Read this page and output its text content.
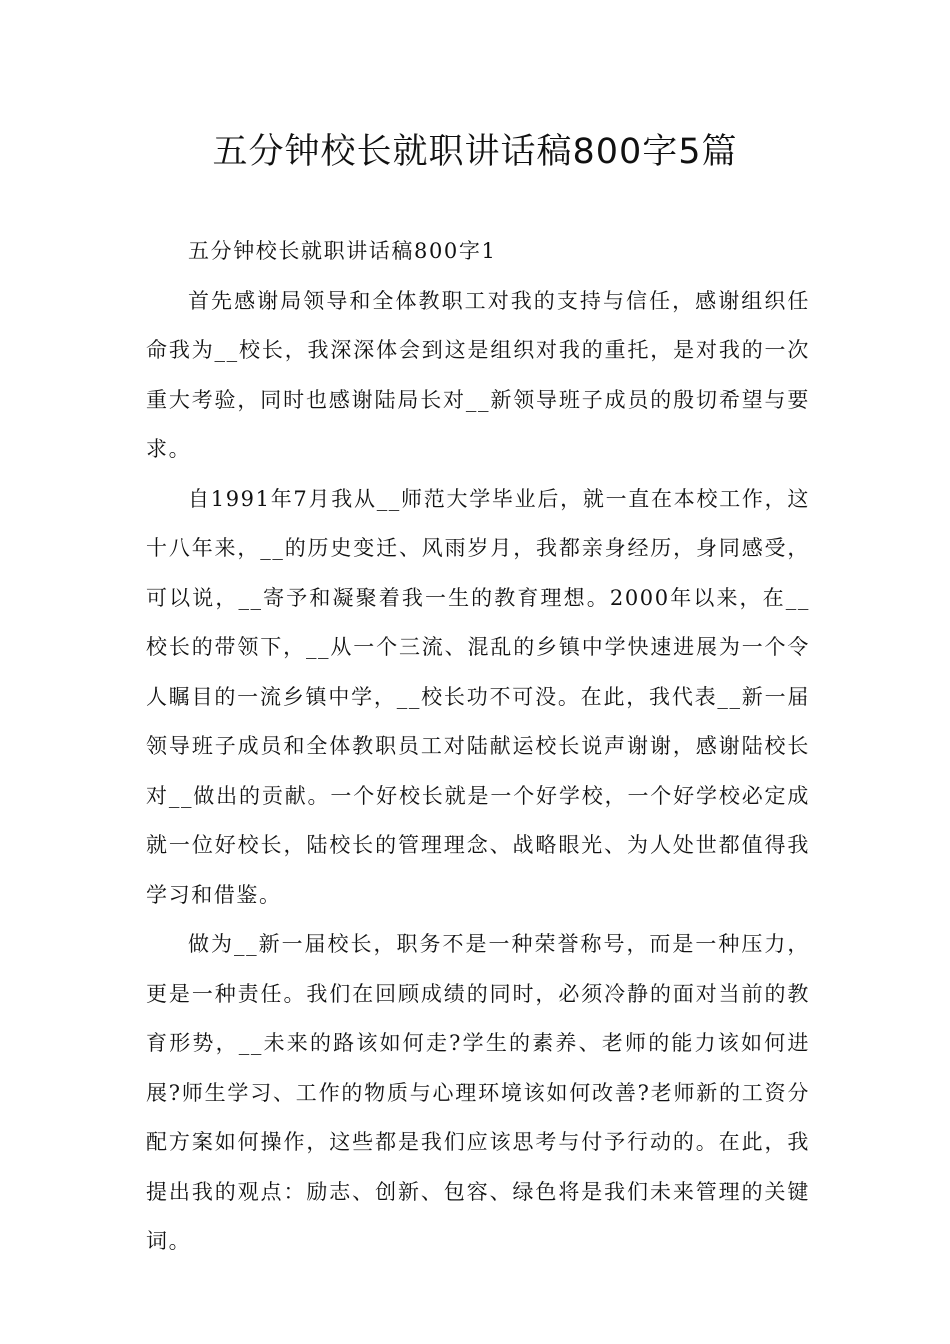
五分钟校长就职讲话稿800字5篇

五分钟校长就职讲话稿800字1

首先感谢局领导和全体教职工对我的支持与信任，感谢组织任命我为__校长，我深深体会到这是组织对我的重托，是对我的一次重大考验，同时也感谢陆局长对__新领导班子成员的殷切希望与要求。

自1991年7月我从__师范大学毕业后，就一直在本校工作，这十八年来，__的历史变迁、风雨岁月，我都亲身经历，身同感受，可以说，__寄予和凝聚着我一生的教育理想。2000年以来，在__校长的带领下，__从一个三流、混乱的乡镇中学快速进展为一个令人瞩目的一流乡镇中学，__校长功不可没。在此，我代表__新一届领导班子成员和全体教职员工对陆献运校长说声谢谢，感谢陆校长对__做出的贡献。一个好校长就是一个好学校，一个好学校必定成就一位好校长，陆校长的管理理念、战略眼光、为人处世都值得我学习和借鉴。

做为__新一届校长，职务不是一种荣誉称号，而是一种压力，更是一种责任。我们在回顾成绩的同时，必须冷静的面对当前的教育形势，__未来的路该如何走?学生的素养、老师的能力该如何进展?师生学习、工作的物质与心理环境该如何改善?老师新的工资分配方案如何操作，这些都是我们应该思考与付予行动的。在此，我提出我的观点：励志、创新、包容、绿色将是我们未来管理的关键词。
